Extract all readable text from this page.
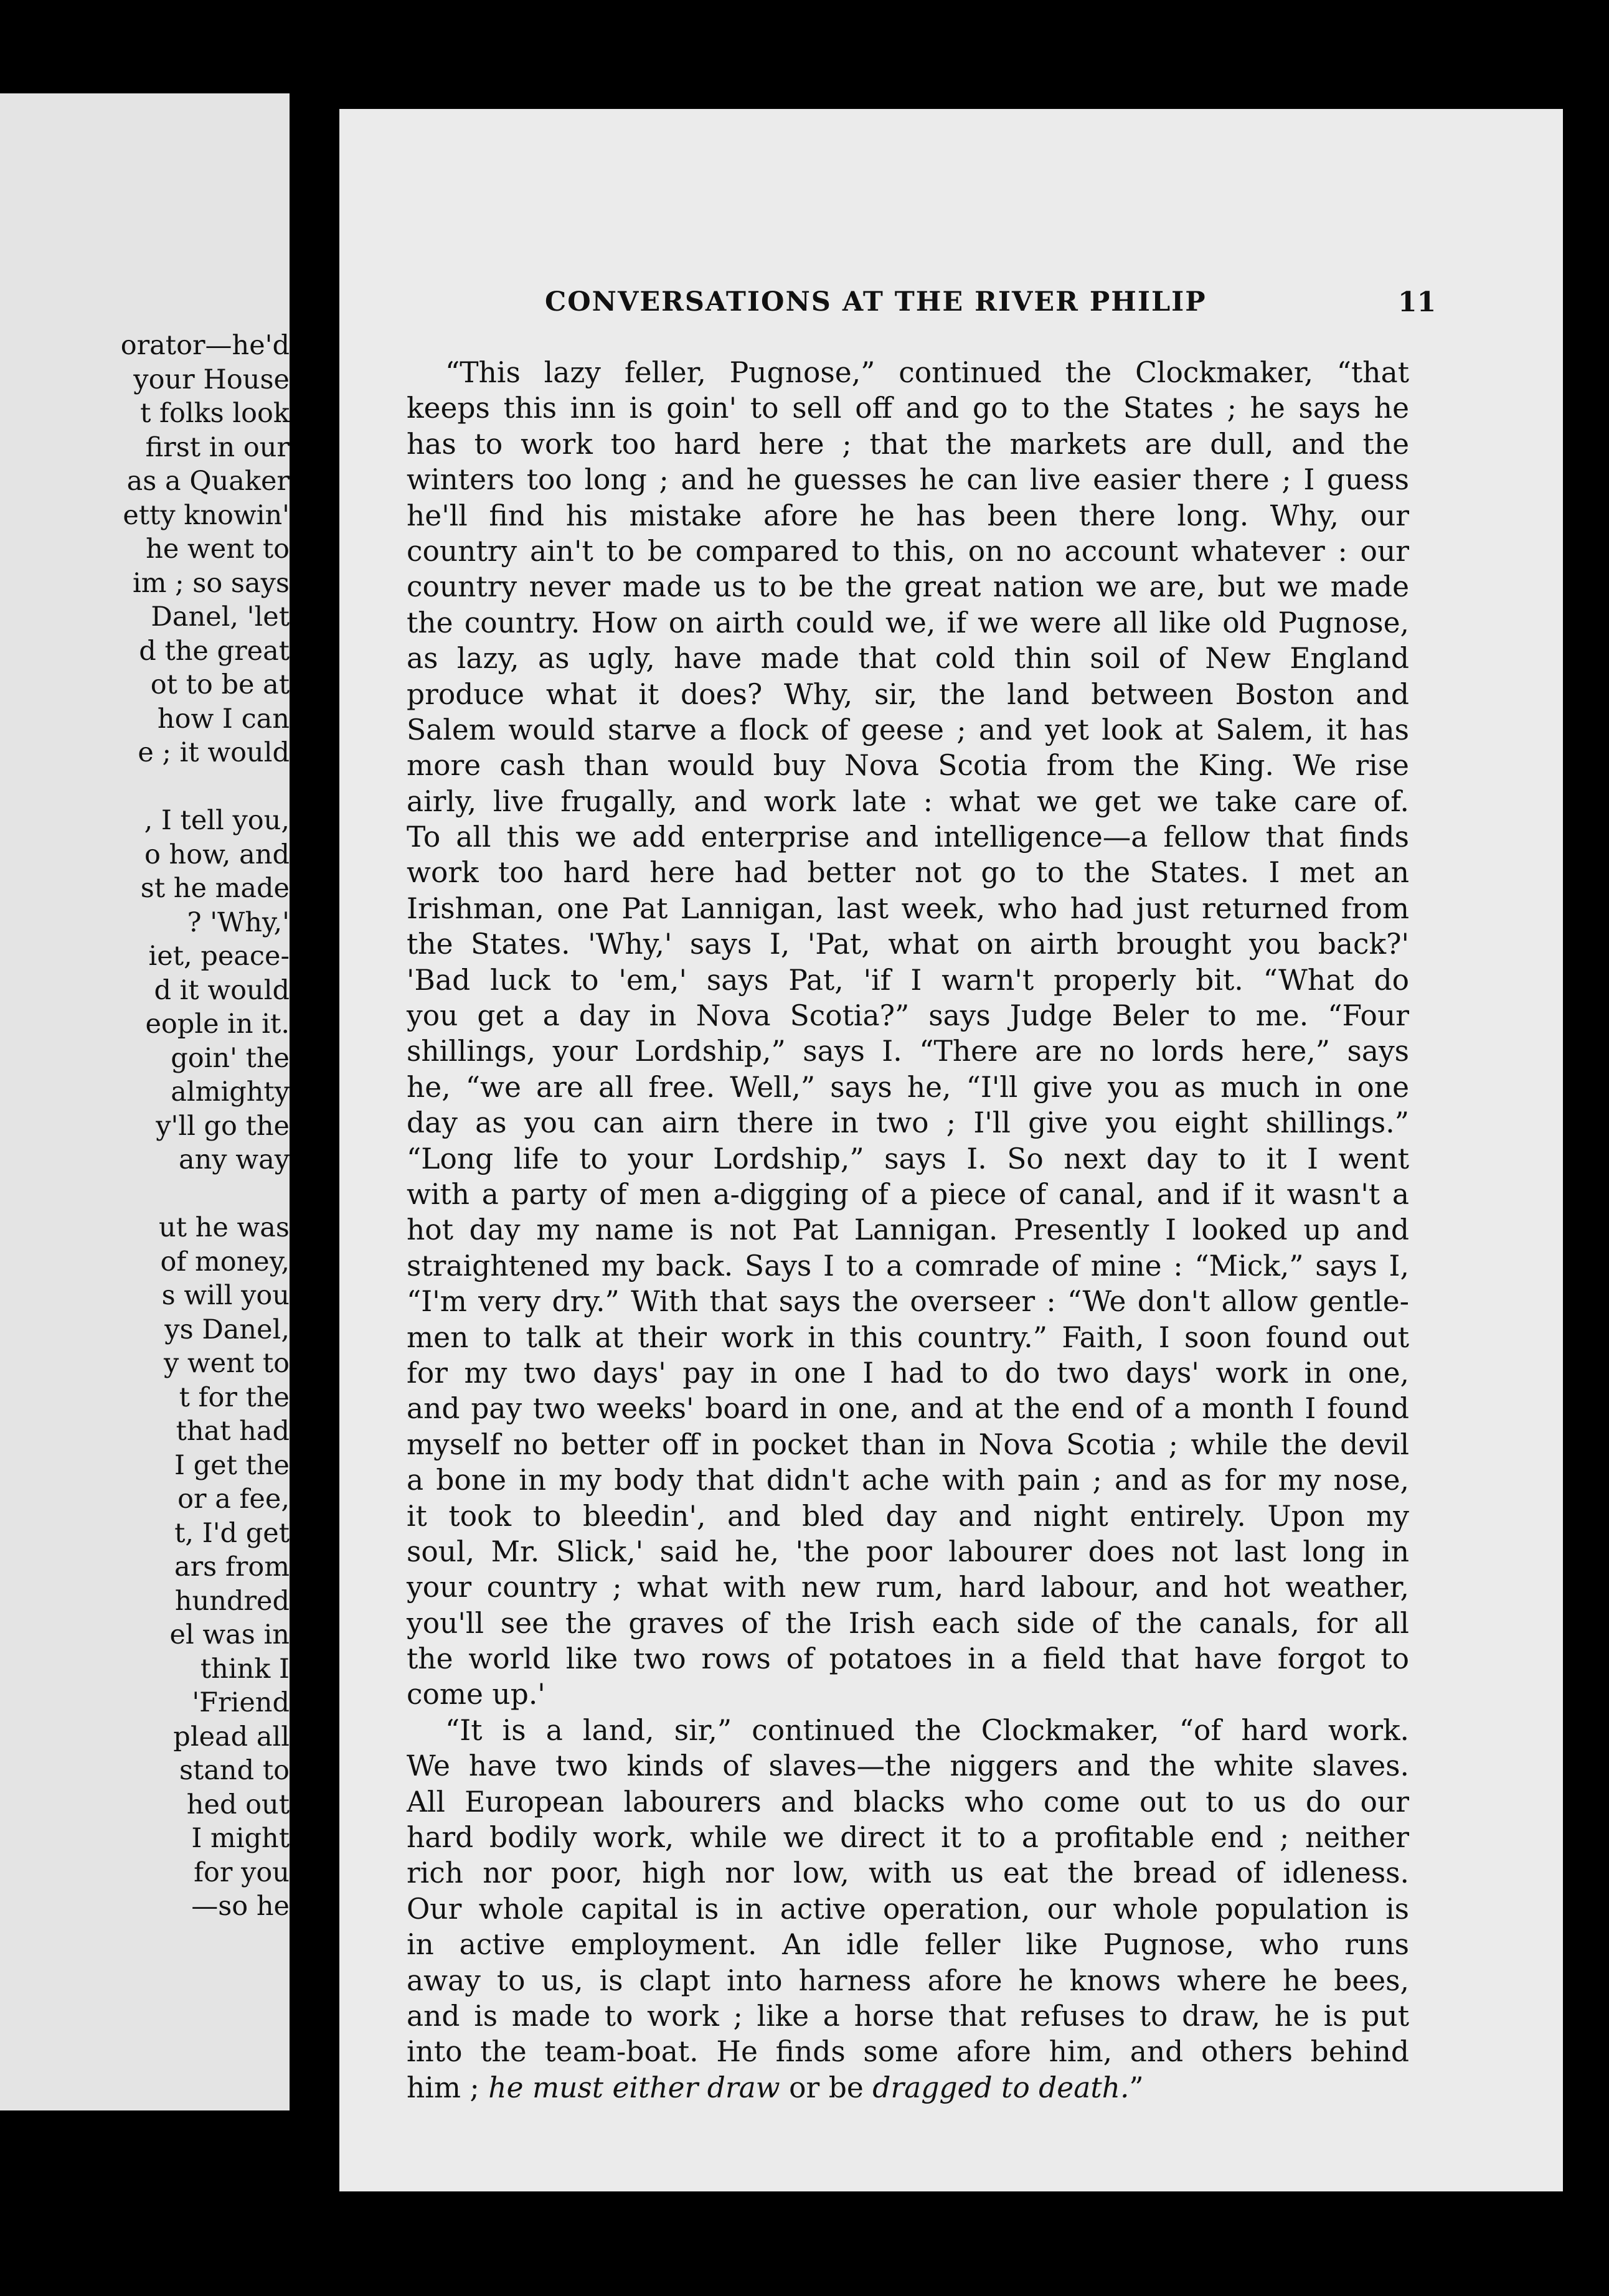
orator—he'd
your House
t folks look
first in our
as a Quaker
etty knowin'
he went to
im ; so says
Danel, 'let
d the great
ot to be at
how I can
e ; it would
, I tell you,
o how, and
st he made
? 'Why,'
iet, peace-
d it would
eople in it.
goin' the
almighty
y'll go the
any way
ut he was
of money,
s will you
ys Danel,
y went to
t for the
that had
I get the
or a fee,
t, I'd get
ars from
hundred
el was in
think I
'Friend
plead all
stand to
hed out
I might
for you
—so he
CONVERSATIONS AT THE RIVER PHILIP	11
“This lazy feller, Pugnose,” continued the Clockmaker, “that
keeps this inn is goin' to sell off and go to the States ; he says he
has to work too hard here ; that the markets are dull, and the
winters too long ; and he guesses he can live easier there ; I guess
he'll find his mistake afore he has been there long. Why, our
country ain't to be compared to this, on no account whatever : our
country never made us to be the great nation we are, but we made
the country. How on airth could we, if we were all like old Pugnose,
as lazy, as ugly, have made that cold thin soil of New England
produce what it does? Why, sir, the land between Boston and
Salem would starve a flock of geese ; and yet look at Salem, it has
more cash than would buy Nova Scotia from the King. We rise
airly, live frugally, and work late : what we get we take care of.
To all this we add enterprise and intelligence—a fellow that finds
work too hard here had better not go to the States. I met an
Irishman, one Pat Lannigan, last week, who had just returned from
the States. 'Why,' says I, 'Pat, what on airth brought you back?'
'Bad luck to 'em,' says Pat, 'if I warn't properly bit. “What do
you get a day in Nova Scotia?” says Judge Beler to me. “Four
shillings, your Lordship,” says I. “There are no lords here,” says
he, “we are all free. Well,” says he, “I'll give you as much in one
day as you can airn there in two ; I'll give you eight shillings.”
“Long life to your Lordship,” says I. So next day to it I went
with a party of men a-digging of a piece of canal, and if it wasn't a
hot day my name is not Pat Lannigan. Presently I looked up and
straightened my back. Says I to a comrade of mine : “Mick,” says I,
“I'm very dry.” With that says the overseer : “We don't allow gentle-
men to talk at their work in this country.” Faith, I soon found out
for my two days' pay in one I had to do two days' work in one,
and pay two weeks' board in one, and at the end of a month I found
myself no better off in pocket than in Nova Scotia ; while the devil
a bone in my body that didn't ache with pain ; and as for my nose,
it took to bleedin', and bled day and night entirely. Upon my
soul, Mr. Slick,' said he, 'the poor labourer does not last long in
your country ; what with new rum, hard labour, and hot weather,
you'll see the graves of the Irish each side of the canals, for all
the world like two rows of potatoes in a field that have forgot to
come up.'
“It is a land, sir,” continued the Clockmaker, “of hard work.
We have two kinds of slaves—the niggers and the white slaves.
All European labourers and blacks who come out to us do our
hard bodily work, while we direct it to a profitable end ; neither
rich nor poor, high nor low, with us eat the bread of idleness.
Our whole capital is in active operation, our whole population is
in active employment. An idle feller like Pugnose, who runs
away to us, is clapt into harness afore he knows where he bees,
and is made to work ; like a horse that refuses to draw, he is put
into the team-boat. He finds some afore him, and others behind
him ; he must either draw or be dragged to death.”
